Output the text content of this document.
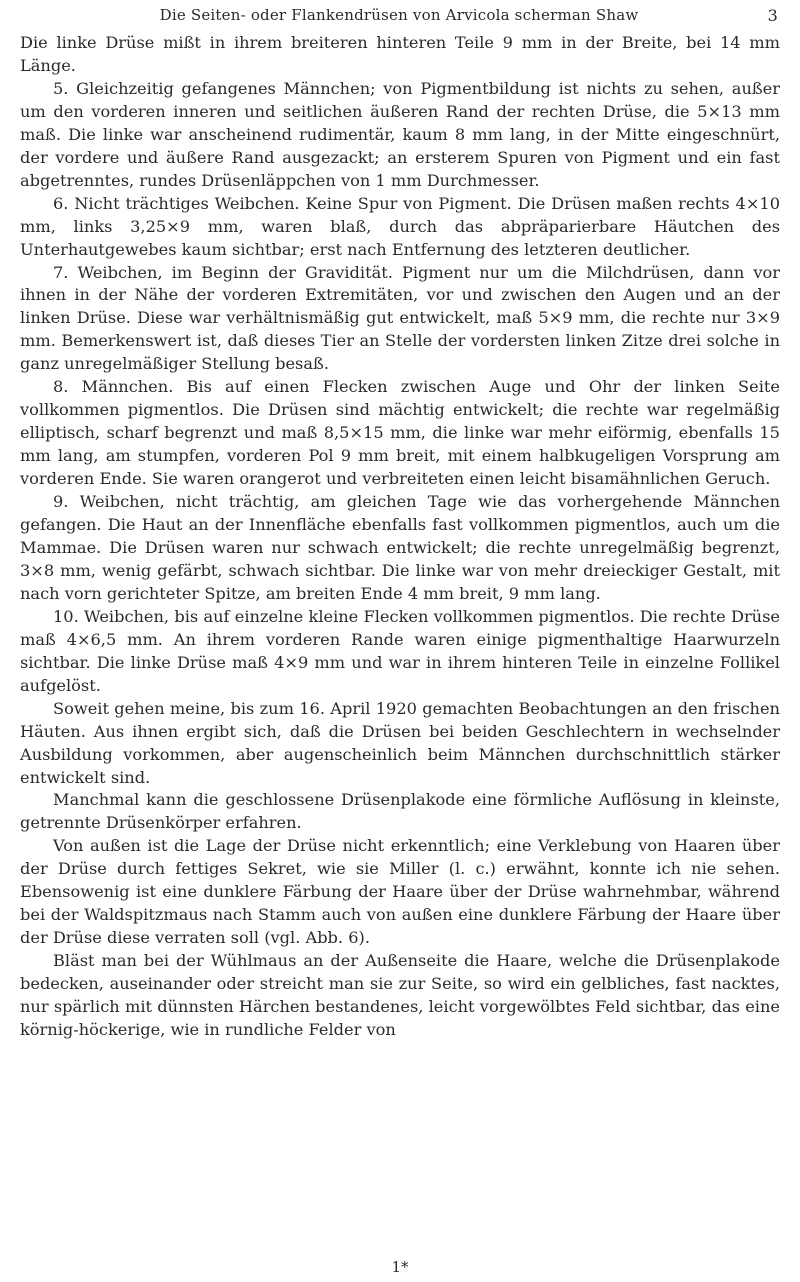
Die Seiten- oder Flankendrüsen von Arvicola scherman Shaw	3

Die linke Drüse mißt in ihrem breiteren hinteren Teile 9 mm in der Breite, bei 14 mm Länge.

5. Gleichzeitig gefangenes Männchen; von Pigmentbildung ist nichts zu sehen, außer um den vorderen inneren und seitlichen äußeren Rand der rechten Drüse, die 5×13 mm maß. Die linke war anscheinend rudimentär, kaum 8 mm lang, in der Mitte eingeschnürt, der vordere und äußere Rand ausgezackt; an ersterem Spuren von Pigment und ein fast abgetrenntes, rundes Drüsenläppchen von 1 mm Durchmesser.

6. Nicht trächtiges Weibchen. Keine Spur von Pigment. Die Drüsen maßen rechts 4×10 mm, links 3,25×9 mm, waren blaß, durch das abpräparierbare Häutchen des Unterhautgewebes kaum sichtbar; erst nach Entfernung des letzteren deutlicher.

7. Weibchen, im Beginn der Gravidität. Pigment nur um die Milchdrüsen, dann vor ihnen in der Nähe der vorderen Extremitäten, vor und zwischen den Augen und an der linken Drüse. Diese war verhältnismäßig gut entwickelt, maß 5×9 mm, die rechte nur 3×9 mm. Bemerkenswert ist, daß dieses Tier an Stelle der vordersten linken Zitze drei solche in ganz unregelmäßiger Stellung besaß.

8. Männchen. Bis auf einen Flecken zwischen Auge und Ohr der linken Seite vollkommen pigmentlos. Die Drüsen sind mächtig entwickelt; die rechte war regelmäßig elliptisch, scharf begrenzt und maß 8,5×15 mm, die linke war mehr eiförmig, ebenfalls 15 mm lang, am stumpfen, vorderen Pol 9 mm breit, mit einem halbkugeligen Vorsprung am vorderen Ende. Sie waren orangerot und verbreiteten einen leicht bisamähnlichen Geruch.

9. Weibchen, nicht trächtig, am gleichen Tage wie das vorhergehende Männchen gefangen. Die Haut an der Innenfläche ebenfalls fast vollkommen pigmentlos, auch um die Mammae. Die Drüsen waren nur schwach entwickelt; die rechte unregelmäßig begrenzt, 3×8 mm, wenig gefärbt, schwach sichtbar. Die linke war von mehr dreieckiger Gestalt, mit nach vorn gerichteter Spitze, am breiten Ende 4 mm breit, 9 mm lang.

10. Weibchen, bis auf einzelne kleine Flecken vollkommen pigmentlos. Die rechte Drüse maß 4×6,5 mm. An ihrem vorderen Rande waren einige pigmenthaltige Haarwurzeln sichtbar. Die linke Drüse maß 4×9 mm und war in ihrem hinteren Teile in einzelne Follikel aufgelöst.

Soweit gehen meine, bis zum 16. April 1920 gemachten Beobachtungen an den frischen Häuten. Aus ihnen ergibt sich, daß die Drüsen bei beiden Geschlechtern in wechselnder Ausbildung vorkommen, aber augenscheinlich beim Männchen durchschnittlich stärker entwickelt sind.

Manchmal kann die geschlossene Drüsenplakode eine förmliche Auflösung in kleinste, getrennte Drüsenkörper erfahren.

Von außen ist die Lage der Drüse nicht erkenntlich; eine Verklebung von Haaren über der Drüse durch fettiges Sekret, wie sie Miller (l. c.) erwähnt, konnte ich nie sehen. Ebensowenig ist eine dunklere Färbung der Haare über der Drüse wahrnehmbar, während bei der Waldspitzmaus nach Stamm auch von außen eine dunklere Färbung der Haare über der Drüse diese verraten soll (vgl. Abb. 6).

Bläst man bei der Wühlmaus an der Außenseite die Haare, welche die Drüsenplakode bedecken, auseinander oder streicht man sie zur Seite, so wird ein gelbliches, fast nacktes, nur spärlich mit dünnsten Härchen bestandenes, leicht vorgewölbtes Feld sichtbar, das eine körnig-höckerige, wie in rundliche Felder von

1*
